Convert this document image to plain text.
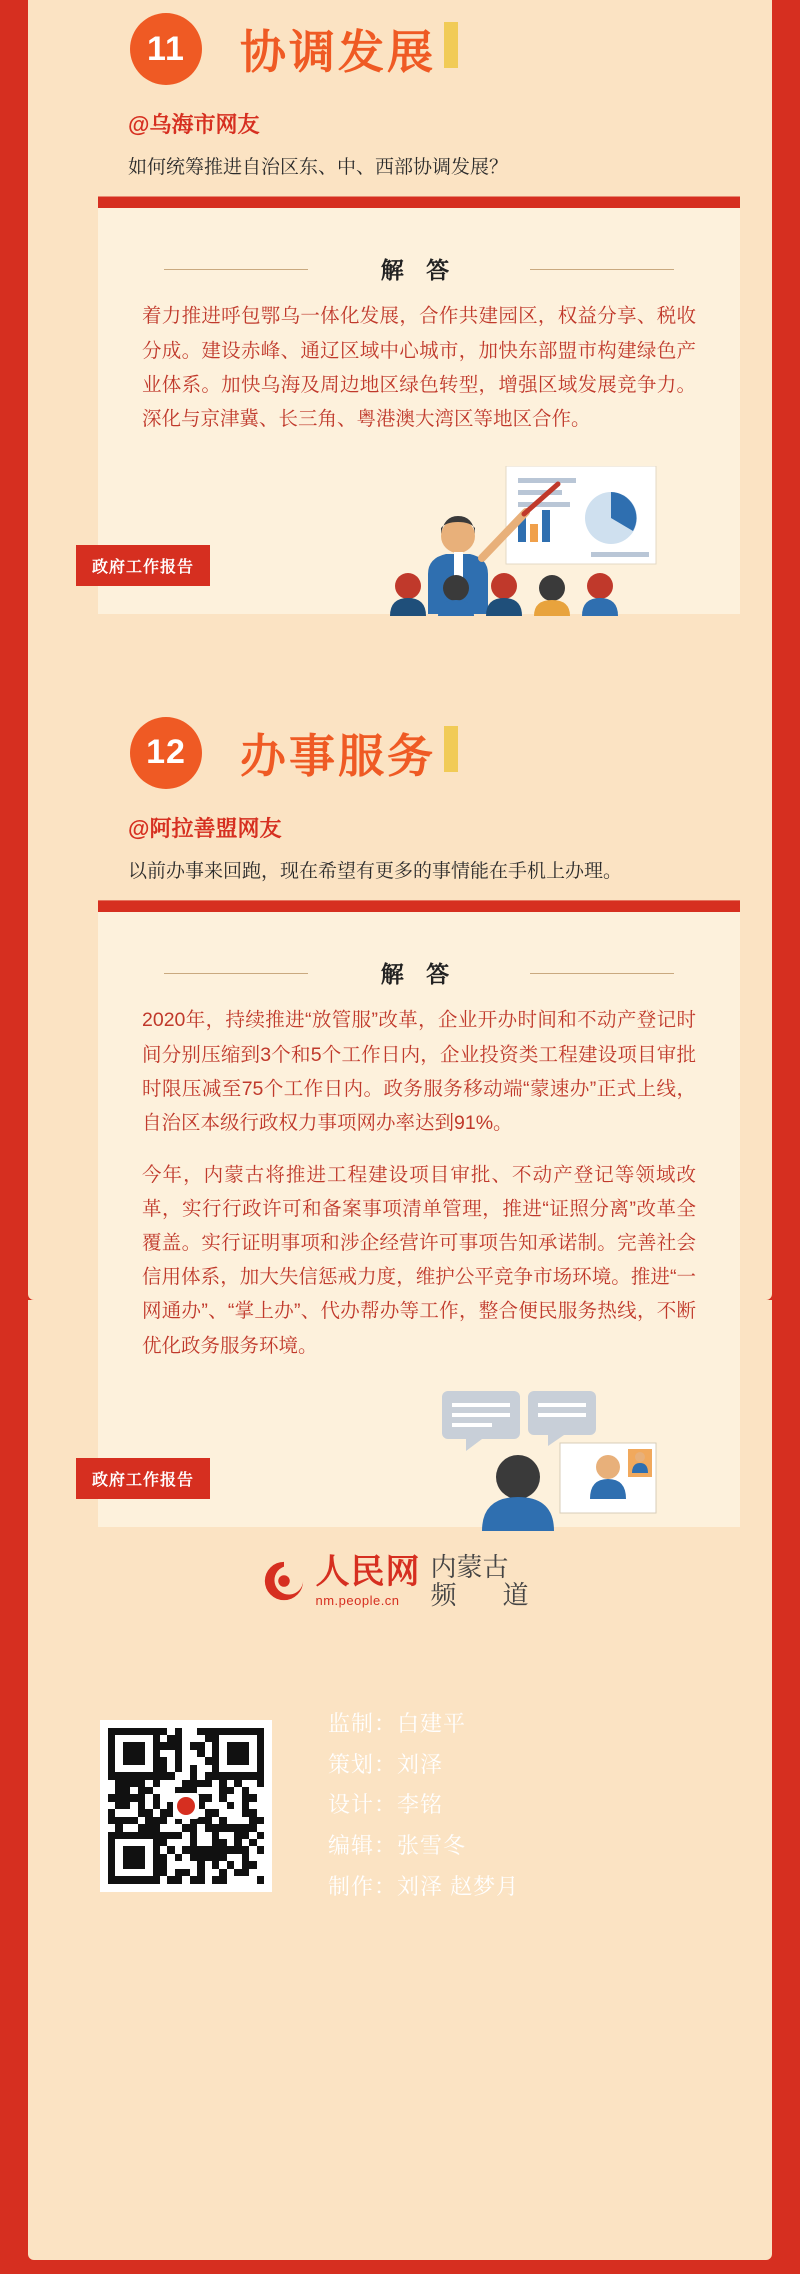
11	协调发展
@乌海市网友
如何统筹推进自治区东、中、西部协调发展？
解 答

着力推进呼包鄂乌一体化发展，合作共建园区，权益分享、税收分成。建设赤峰、通辽区域中心城市，加快东部盟市构建绿色产业体系。加快乌海及周边地区绿色转型，增强区域发展竞争力。深化与京津冀、长三角、粤港澳大湾区等地区合作。

政府工作报告
12	办事服务
@阿拉善盟网友
以前办事来回跑，现在希望有更多的事情能在手机上办理。
解 答

2020年，持续推进“放管服”改革，企业开办时间和不动产登记时间分别压缩到3个和5个工作日内，企业投资类工程建设项目审批时限压减至75个工作日内。政务服务移动端“蒙速办”正式上线，自治区本级行政权力事项网办率达到91%。

今年，内蒙古将推进工程建设项目审批、不动产登记等领域改革，实行行政许可和备案事项清单管理，推进“证照分离”改革全覆盖。实行证明事项和涉企经营许可事项告知承诺制。完善社会信用体系，加大失信惩戒力度，维护公平竞争市场环境。推进“一网通办”、“掌上办”、代办帮办等工作，整合便民服务热线，不断优化政务服务环境。

政府工作报告
人民网
nm.people.cn
内蒙古
频　道
监制：白建平
策划：刘泽
设计：李铭
编辑：张雪冬
制作：刘泽 赵梦月
